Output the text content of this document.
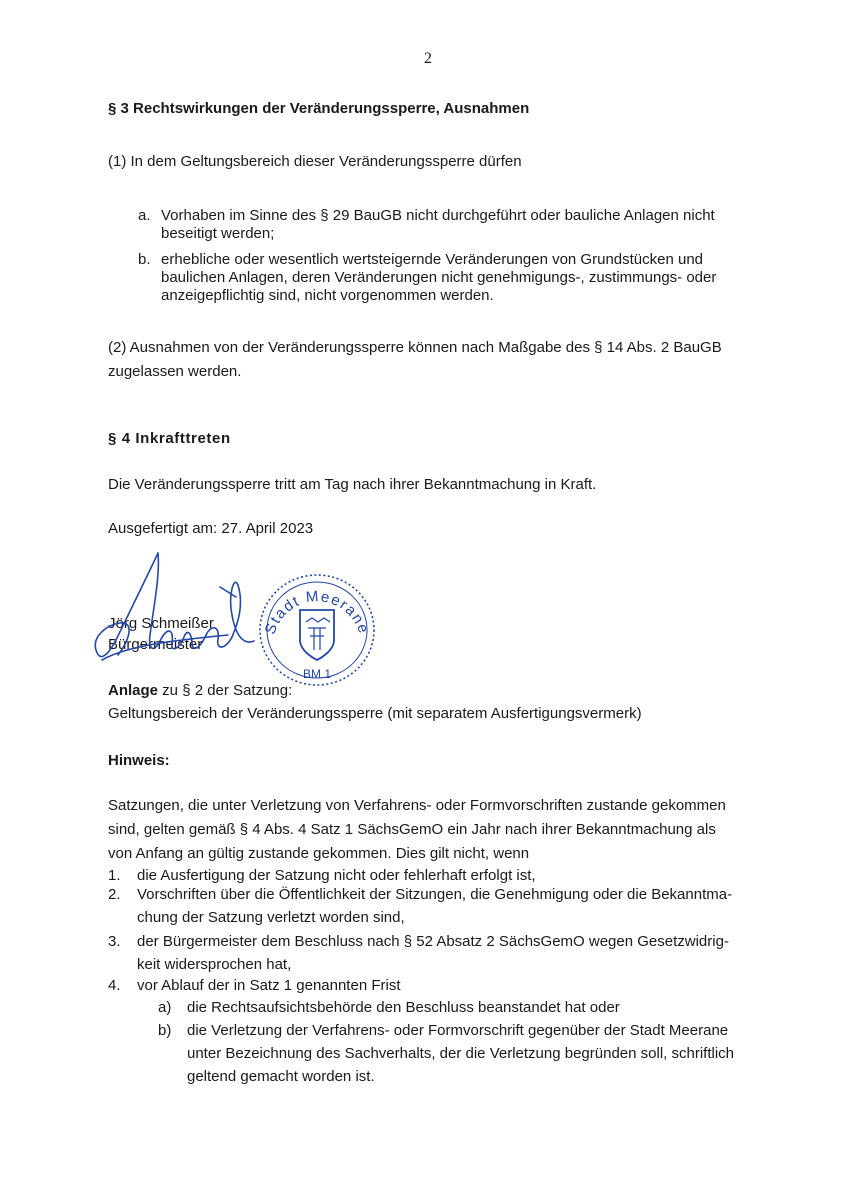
2
§ 3 Rechtswirkungen der Veränderungssperre, Ausnahmen
(1) In dem Geltungsbereich dieser Veränderungssperre dürfen
a. Vorhaben im Sinne des § 29 BauGB nicht durchgeführt oder bauliche Anlagen nicht
beseitigt werden;
b. erhebliche oder wesentlich wertsteigernde Veränderungen von Grundstücken und
baulichen Anlagen, deren Veränderungen nicht genehmigungs-, zustimmungs- oder
anzeigepflichtig sind, nicht vorgenommen werden.
(2) Ausnahmen von der Veränderungssperre können nach Maßgabe des § 14 Abs. 2 BauGB
zugelassen werden.
§ 4 Inkrafttreten
Die Veränderungssperre tritt am Tag nach ihrer Bekanntmachung in Kraft.
Ausgefertigt am: 27. April 2023
Jörg Schmeißer
Bürgermeister
Stadt Meerane
BM 1
Anlage zu § 2 der Satzung:
Geltungsbereich der Veränderungssperre (mit separatem Ausfertigungsvermerk)
Hinweis:
Satzungen, die unter Verletzung von Verfahrens- oder Formvorschriften zustande gekommen
sind, gelten gemäß § 4 Abs. 4 Satz 1 SächsGemO ein Jahr nach ihrer Bekanntmachung als
von Anfang an gültig zustande gekommen. Dies gilt nicht, wenn
1. die Ausfertigung der Satzung nicht oder fehlerhaft erfolgt ist,
2. Vorschriften über die Öffentlichkeit der Sitzungen, die Genehmigung oder die Bekanntma-
chung der Satzung verletzt worden sind,
3. der Bürgermeister dem Beschluss nach § 52 Absatz 2 SächsGemO wegen Gesetzwidrig-
keit widersprochen hat,
4. vor Ablauf der in Satz 1 genannten Frist
a) die Rechtsaufsichtsbehörde den Beschluss beanstandet hat oder
b) die Verletzung der Verfahrens- oder Formvorschrift gegenüber der Stadt Meerane
unter Bezeichnung des Sachverhalts, der die Verletzung begründen soll, schriftlich
geltend gemacht worden ist.
